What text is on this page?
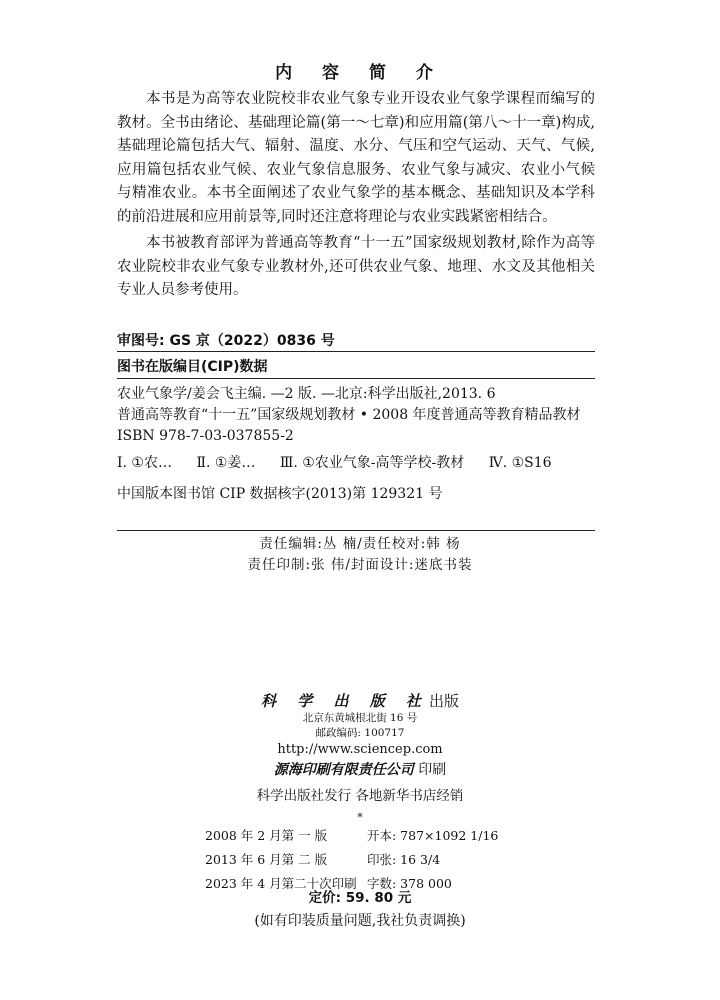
内 容 简 介

本书是为高等农业院校非农业气象专业开设农业气象学课程而编写的教材。全书由绪论、基础理论篇(第一～七章)和应用篇(第八～十一章)构成,基础理论篇包括大气、辐射、温度、水分、气压和空气运动、天气、气候,应用篇包括农业气候、农业气象信息服务、农业气象与减灾、农业小气候与精准农业。本书全面阐述了农业气象学的基本概念、基础知识及本学科的前沿进展和应用前景等,同时还注意将理论与农业实践紧密相结合。

本书被教育部评为普通高等教育“十一五”国家级规划教材,除作为高等农业院校非农业气象专业教材外,还可供农业气象、地理、水文及其他相关专业人员参考使用。

审图号: GS 京（2022）0836 号
图书在版编目(CIP)数据
农业气象学/姜会飞主编. —2 版. —北京:科学出版社,2013. 6
普通高等教育“十一五”国家级规划教材 • 2008 年度普通高等教育精品教材
ISBN 978-7-03-037855-2
Ⅰ. ①农… Ⅱ. ①姜… Ⅲ. ①农业气象-高等学校-教材 Ⅳ. ①S16
中国版本图书馆 CIP 数据核字(2013)第 129321 号
责任编辑:丛 楠/责任校对:韩 杨
责任印制:张 伟/封面设计:迷底书装
科 学 出 版 社出版
北京东黄城根北街 16 号
邮政编码: 100717
http://www.sciencep.com
源海印刷有限责任公司 印刷
科学出版社发行 各地新华书店经销
*
2008 年 2 月第 一 版	开本: 787×1092 1/16
2013 年 6 月第 二 版	印张: 16 3/4
2023 年 4 月第二十次印刷 字数: 378 000
定价: 59. 80 元
(如有印装质量问题,我社负责调换)
